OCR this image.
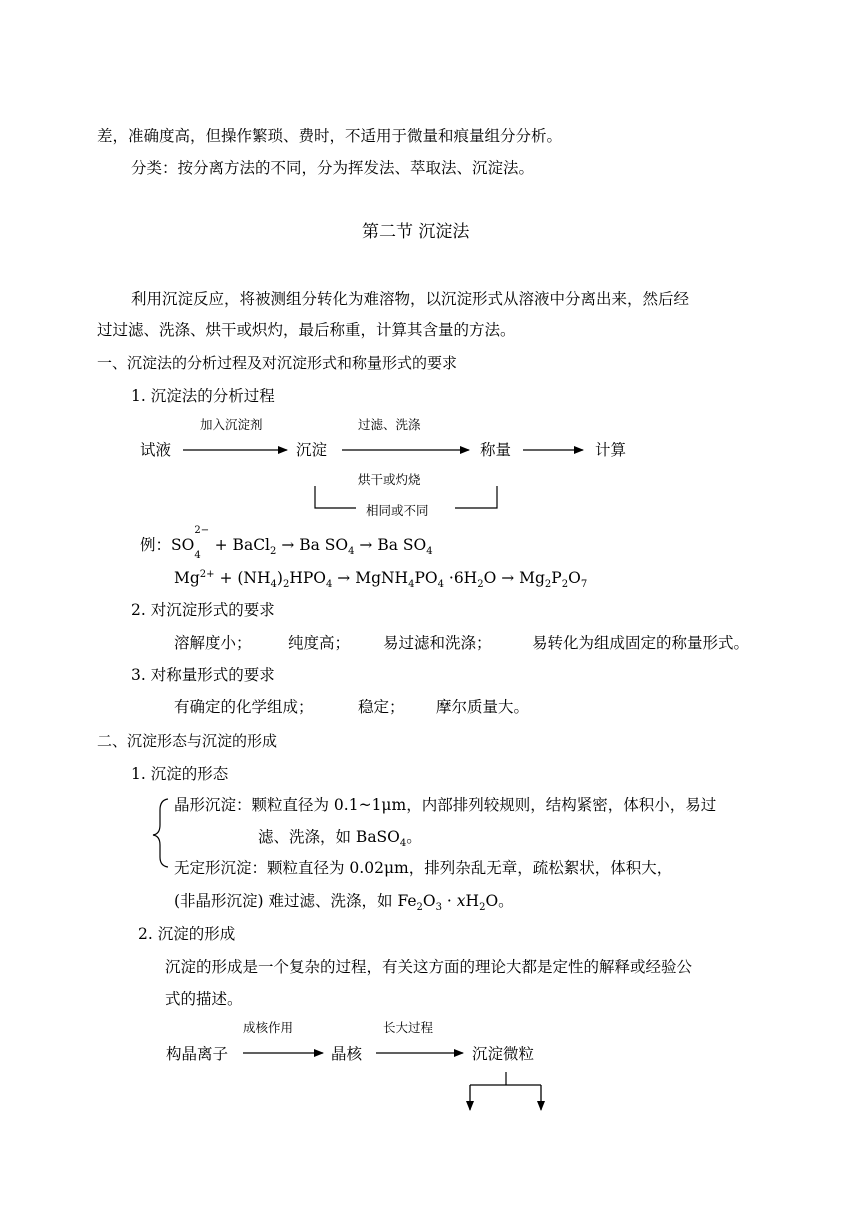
差，准确度高，但操作繁琐、费时，不适用于微量和痕量组分分析。
分类：按分离方法的不同，分为挥发法、萃取法、沉淀法。
第二节 沉淀法
利用沉淀反应，将被测组分转化为难溶物，以沉淀形式从溶液中分离出来，然后经
过过滤、洗涤、烘干或炽灼，最后称重，计算其含量的方法。
一、沉淀法的分析过程及对沉淀形式和称量形式的要求
1. 沉淀法的分析过程
加入沉淀剂	过滤、洗涤
试液	沉淀	称量	计算
烘干或灼烧
相同或不同
例：SO
2−
$_4$ + BaCl$_2$ → Ba $SO_4 \to Ba$ $SO_4$
$Mg^{2+} + (NH_4)_2HPO_4$ → $MgNH_4PO_4 \cdot 6H_2O \to Mg_2P_2O_7$
2. 对沉淀形式的要求
溶解度小； 纯度高； 易过滤和洗涤；	易转化为组成固定的称量形式。
3. 对称量形式的要求
有确定的化学组成；	稳定； 摩尔质量大。
二、沉淀形态与沉淀的形成
1. 沉淀的形态
晶形沉淀：颗粒直径为 0.1~1μm，内部排列较规则，结构紧密，体积小，易过
滤、洗涤，如 BaSO$_4$。
无定形沉淀：颗粒直径为 0.02μm，排列杂乱无章，疏松絮状，体积大，
(非晶形沉淀) 难过滤、洗涤，如 $Fe_2O_3 \cdot xH_2O$。
2. 沉淀的形成
沉淀的形成是一个复杂的过程，有关这方面的理论大都是定性的解释或经验公
式的描述。
成核作用	长大过程
构晶离子	晶核	沉淀微粒
